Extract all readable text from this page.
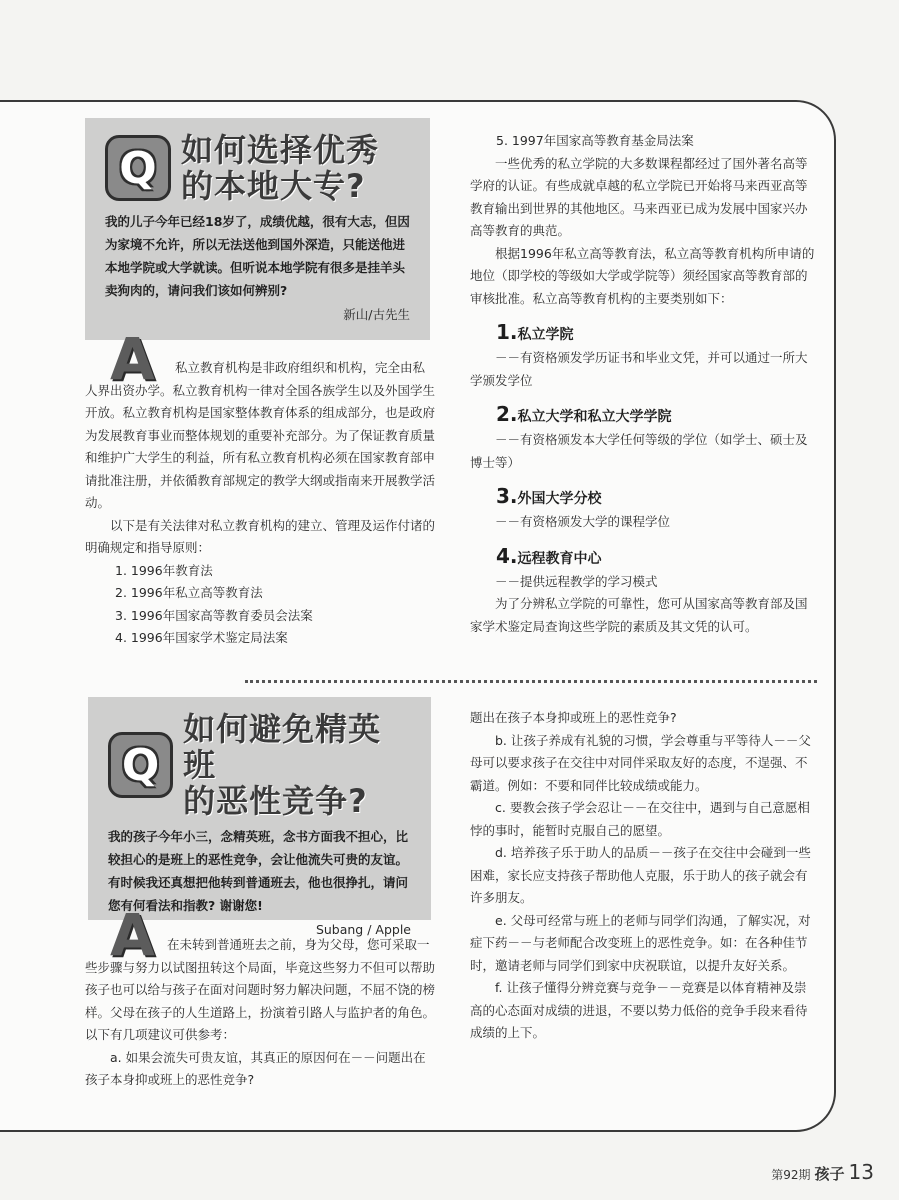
Q 如何选择优秀
的本地大专?
我的儿子今年已经18岁了，成绩优越，很有大志，但因为家境不允许，所以无法送他到国外深造，只能送他进本地学院或大学就读。但听说本地学院有很多是挂羊头卖狗肉的，请问我们该如何辨别?
新山/古先生
A	私立教育机构是非政府组织和机构，完全由私人界出资办学。私立教育机构一律对全国各族学生以及外国学生开放。私立教育机构是国家整体教育体系的组成部分，也是政府为发展教育事业而整体规划的重要补充部分。为了保证教育质量和维护广大学生的利益，所有私立教育机构必须在国家教育部申请批准注册，并依循教育部规定的教学大纲或指南来开展教学活动。

以下是有关法律对私立教育机构的建立、管理及运作付诸的明确规定和指导原则：

1. 1996年教育法
2. 1996年私立高等教育法
3. 1996年国家高等教育委员会法案
4. 1996年国家学术鉴定局法案
5. 1997年国家高等教育基金局法案

一些优秀的私立学院的大多数课程都经过了国外著名高等学府的认证。有些成就卓越的私立学院已开始将马来西亚高等教育输出到世界的其他地区。马来西亚已成为发展中国家兴办高等教育的典范。

根据1996年私立高等教育法，私立高等教育机构所申请的地位（即学校的等级如大学或学院等）须经国家高等教育部的审核批准。私立高等教育机构的主要类别如下：

1.私立学院

－－有资格颁发学历证书和毕业文凭，并可以通过一所大学颁发学位

2.私立大学和私立大学学院

－－有资格颁发本大学任何等级的学位（如学士、硕士及博士等）

3.外国大学分校

－－有资格颁发大学的课程学位

4.远程教育中心

－－提供远程教学的学习模式

为了分辨私立学院的可靠性，您可从国家高等教育部及国家学术鉴定局查询这些学院的素质及其文凭的认可。

Q
如何避免精英班
的恶性竞争?
我的孩子今年小三，念精英班，念书方面我不担心，比较担心的是班上的恶性竞争，会让他流失可贵的友谊。有时候我还真想把他转到普通班去，他也很挣扎，请问您有何看法和指教? 谢谢您!
Subang / Apple
A 在未转到普通班去之前，身为父母，您可采取一些步骤与努力以试图扭转这个局面，毕竟这些努力不但可以帮助孩子也可以给与孩子在面对问题时努力解决问题，不屈不饶的榜样。父母在孩子的人生道路上，扮演着引路人与监护者的角色。以下有几项建议可供参考：

a. 如果会流失可贵友谊，其真正的原因何在－－问题出在孩子本身抑或班上的恶性竞争?

题出在孩子本身抑或班上的恶性竞争?

b. 让孩子养成有礼貌的习惯，学会尊重与平等待人－－父母可以要求孩子在交往中对同伴采取友好的态度，不逞强、不霸道。例如：不要和同伴比较成绩或能力。

c. 要教会孩子学会忍让－－在交往中，遇到与自己意愿相悖的事时，能暂时克服自己的愿望。

d. 培养孩子乐于助人的品质－－孩子在交往中会碰到一些困难，家长应支持孩子帮助他人克服，乐于助人的孩子就会有许多朋友。

e. 父母可经常与班上的老师与同学们沟通，了解实况，对症下药－－与老师配合改变班上的恶性竞争。如：在各种佳节时，邀请老师与同学们到家中庆祝联谊，以提升友好关系。

f. 让孩子懂得分辨竞赛与竞争－－竞赛是以体育精神及崇高的心态面对成绩的进退，不要以势力低俗的竞争手段来看待成绩的上下。

第92期 孩子 13
